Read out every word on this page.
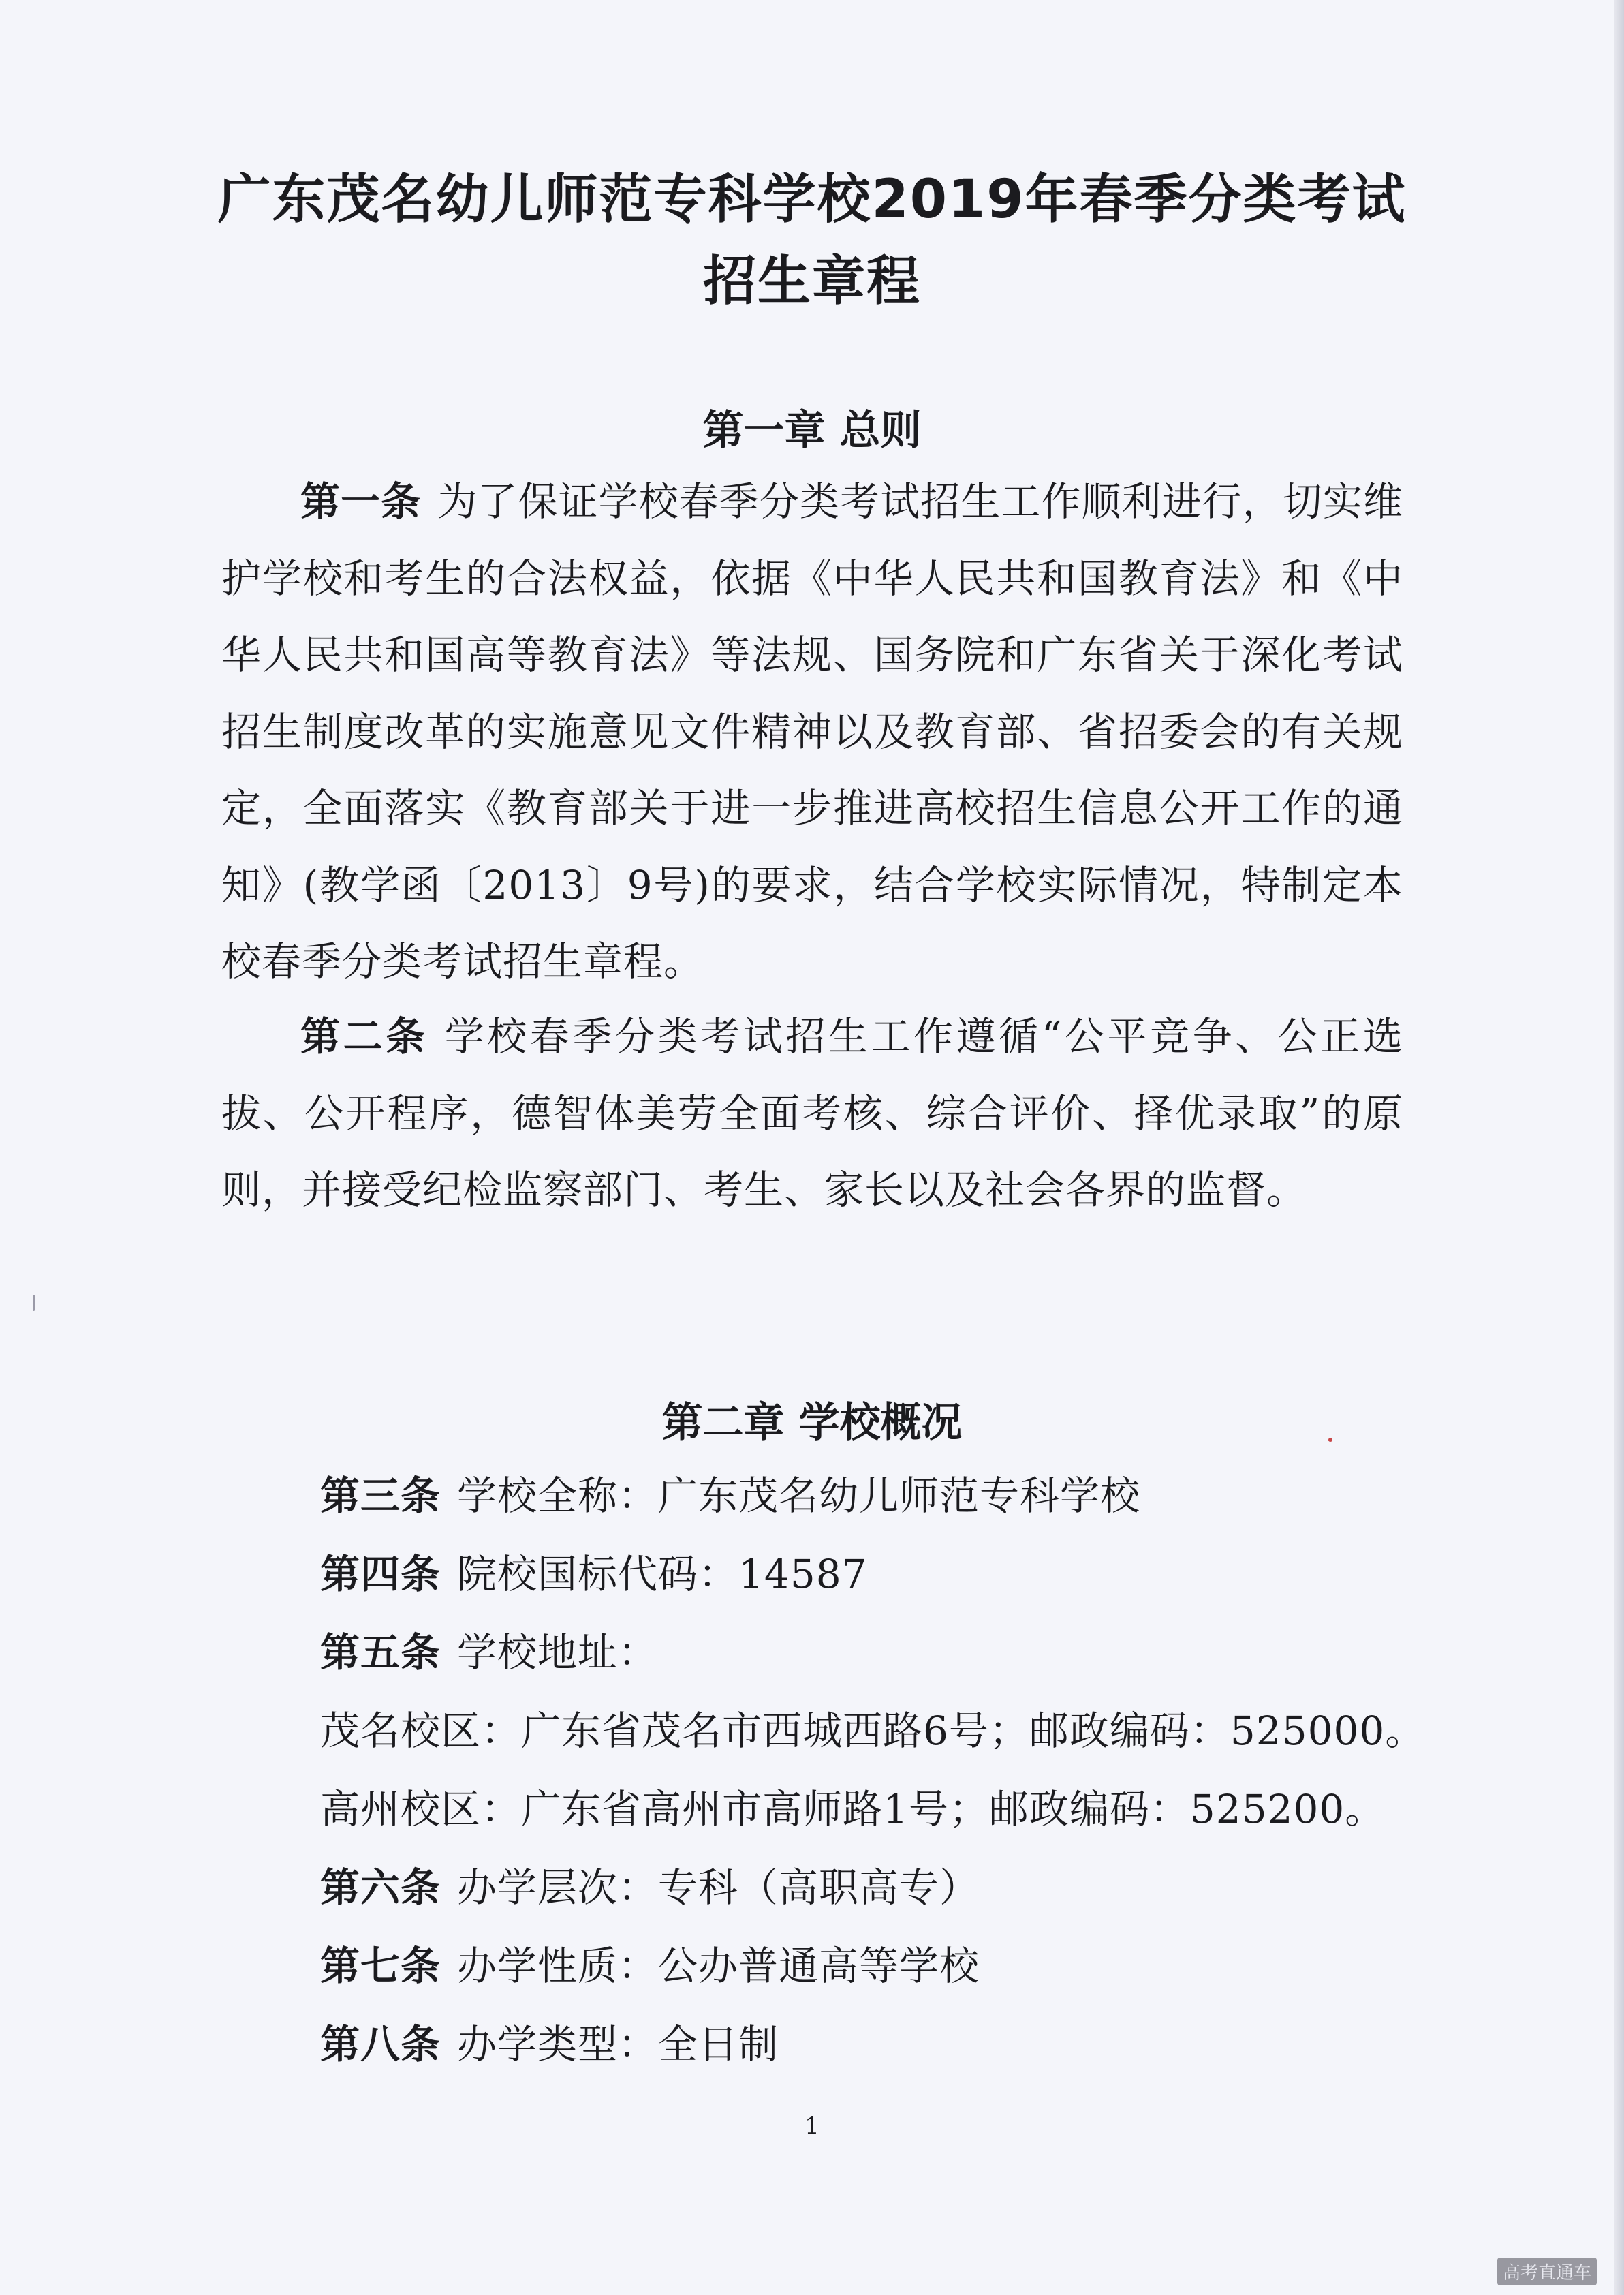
广东茂名幼儿师范专科学校2019年春季分类考试
招生章程
第一章 总则

第一条 为了保证学校春季分类考试招生工作顺利进行，切实维护学校和考生的合法权益，依据《中华人民共和国教育法》和《中华人民共和国高等教育法》等法规、国务院和广东省关于深化考试招生制度改革的实施意见文件精神以及教育部、省招委会的有关规定，全面落实《教育部关于进一步推进高校招生信息公开工作的通知》(教学函〔2013〕9号)的要求，结合学校实际情况，特制定本校春季分类考试招生章程。

第二条 学校春季分类考试招生工作遵循“公平竞争、公正选拔、公开程序，德智体美劳全面考核、综合评价、择优录取”的原则，并接受纪检监察部门、考生、家长以及社会各界的监督。

第二章 学校概况

第三条 学校全称：广东茂名幼儿师范专科学校

第四条 院校国标代码：14587

第五条 学校地址：

茂名校区：广东省茂名市西城西路6号；邮政编码：525000。

高州校区：广东省高州市高师路1号；邮政编码：525200。

第六条 办学层次：专科（高职高专）

第七条 办学性质：公办普通高等学校

第八条 办学类型：全日制

1

高考直通车
